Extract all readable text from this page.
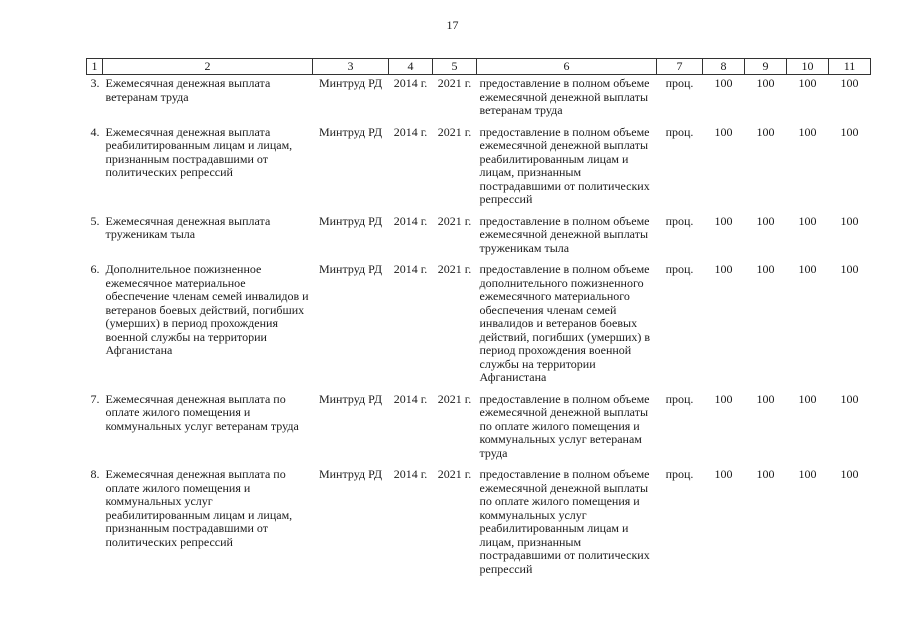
17
1	2	3	4	5	6	7	8	9	10	11
3.	Ежемесячная денежная выплата ветеранам труда	Минтруд РД	2014 г.	2021 г.	предоставление в полном объеме ежемесячной денежной выплаты ветеранам труда	проц.	100	100	100	100
4.	Ежемесячная денежная выплата реабилитированным лицам и лицам, признанным пострадавшими от политических репрессий	Минтруд РД	2014 г.	2021 г.	предоставление в полном объеме ежемесячной денежной выплаты реабилитированным лицам и лицам, признанным пострадавшими от политических репрессий	проц.	100	100	100	100
5.	Ежемесячная денежная выплата труженикам тыла	Минтруд РД	2014 г.	2021 г.	предоставление в полном объеме ежемесячной денежной выплаты труженикам тыла	проц.	100	100	100	100
6.	Дополнительное пожизненное ежемесячное материальное обеспечение членам семей инвалидов и ветеранов боевых действий, погибших (умерших) в период прохождения военной службы на территории Афганистана	Минтруд РД	2014 г.	2021 г.	предоставление в полном объеме дополнительного пожизненного ежемесячного материального обеспечения членам семей инвалидов и ветеранов боевых действий, погибших (умерших) в период прохождения военной службы на территории Афганистана	проц.	100	100	100	100
7.	Ежемесячная денежная выплата по оплате жилого помещения и коммунальных услуг ветеранам труда	Минтруд РД	2014 г.	2021 г.	предоставление в полном объеме ежемесячной денежной выплаты по оплате жилого помещения и коммунальных услуг ветеранам труда	проц.	100	100	100	100
8.	Ежемесячная денежная выплата по оплате жилого помещения и коммунальных услуг реабилитированным лицам и лицам, признанным пострадавшими от политических репрессий	Минтруд РД	2014 г.	2021 г.	предоставление в полном объеме ежемесячной денежной выплаты по оплате жилого помещения и коммунальных услуг реабилитированным лицам и лицам, признанным пострадавшими от политических репрессий	проц.	100	100	100	100
